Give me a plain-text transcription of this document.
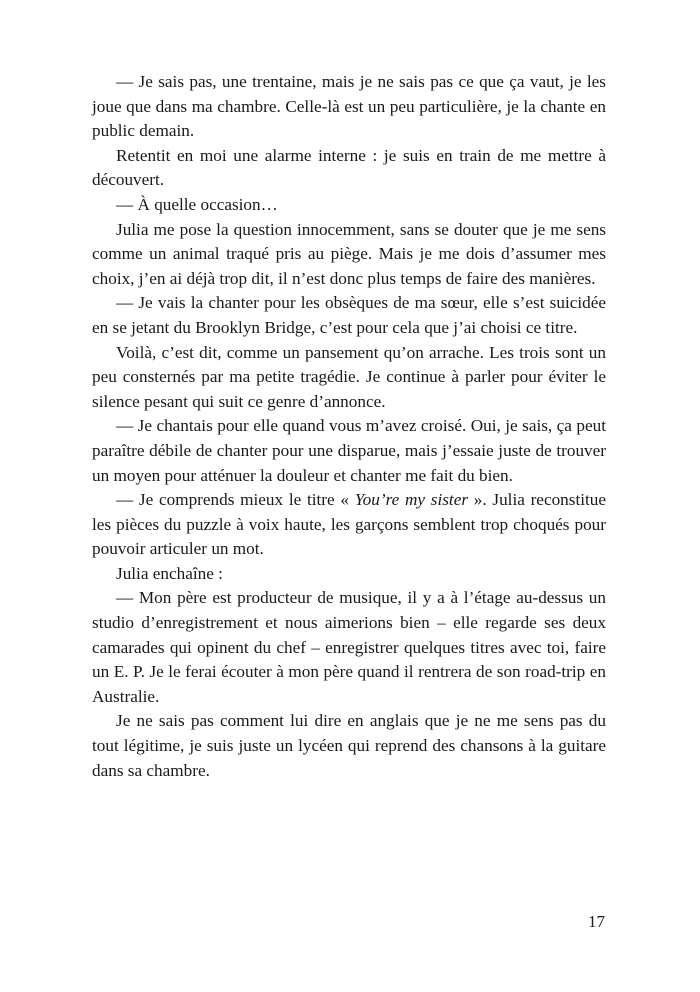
— Je sais pas, une trentaine, mais je ne sais pas ce que ça vaut, je les joue que dans ma chambre. Celle-là est un peu particulière, je la chante en public demain.

Retentit en moi une alarme interne : je suis en train de me mettre à découvert.

— À quelle occasion…

Julia me pose la question innocemment, sans se douter que je me sens comme un animal traqué pris au piège. Mais je me dois d’assumer mes choix, j’en ai déjà trop dit, il n’est donc plus temps de faire des manières.

— Je vais la chanter pour les obsèques de ma sœur, elle s’est suicidée en se jetant du Brooklyn Bridge, c’est pour cela que j’ai choisi ce titre.

Voilà, c’est dit, comme un pansement qu’on arrache. Les trois sont un peu consternés par ma petite tragédie. Je continue à parler pour éviter le silence pesant qui suit ce genre d’annonce.

— Je chantais pour elle quand vous m’avez croisé. Oui, je sais, ça peut paraître débile de chanter pour une disparue, mais j’essaie juste de trouver un moyen pour atténuer la douleur et chanter me fait du bien.

— Je comprends mieux le titre « You’re my sister ». Julia reconstitue les pièces du puzzle à voix haute, les garçons semblent trop choqués pour pouvoir articuler un mot.

Julia enchaîne :

— Mon père est producteur de musique, il y a à l’étage au-dessus un studio d’enregistrement et nous aimerions bien – elle regarde ses deux camarades qui opinent du chef – enregistrer quelques titres avec toi, faire un E. P. Je le ferai écouter à mon père quand il rentrera de son road-trip en Australie.

Je ne sais pas comment lui dire en anglais que je ne me sens pas du tout légitime, je suis juste un lycéen qui reprend des chansons à la guitare dans sa chambre.

17
